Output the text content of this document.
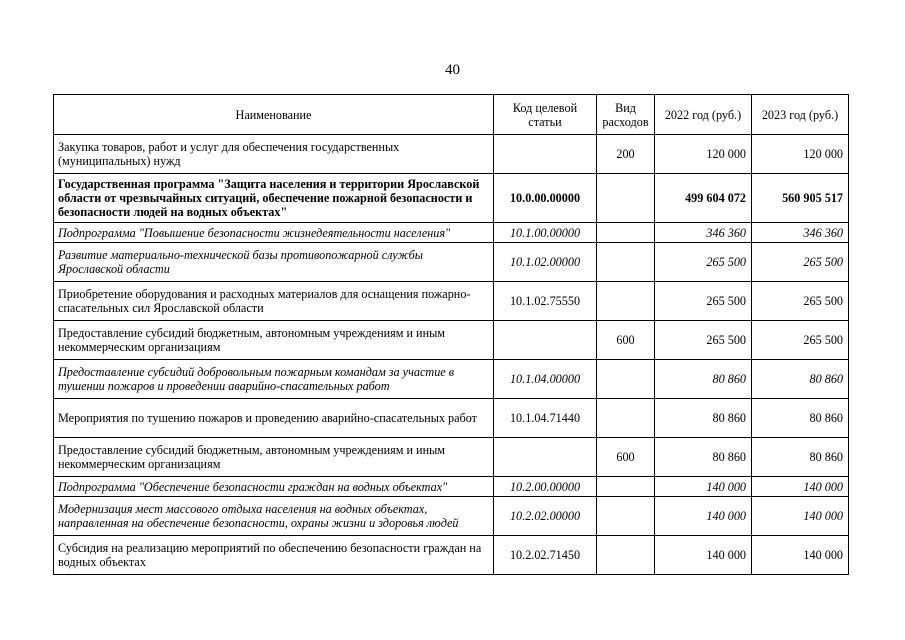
40
Наименование	Код целевой статьи	Вид расходов	2022 год (руб.)	2023 год (руб.)
Закупка товаров, работ и услуг для обеспечения государственных (муниципальных) нужд		200	120 000	120 000
Государственная программа "Защита населения и территории Ярославской области от чрезвычайных ситуаций, обеспечение пожарной безопасности и безопасности людей на водных объектах"	10.0.00.00000		499 604 072	560 905 517
Подпрограмма "Повышение безопасности жизнедеятельности населения"	10.1.00.00000		346 360	346 360
Развитие материально-технической базы противопожарной службы Ярославской области	10.1.02.00000		265 500	265 500
Приобретение оборудования и расходных материалов для оснащения пожарно-спасательных сил Ярославской области	10.1.02.75550		265 500	265 500
Предоставление субсидий бюджетным, автономным учреждениям и иным некоммерческим организациям		600	265 500	265 500
Предоставление субсидий добровольным пожарным командам за участие в тушении пожаров и проведении аварийно-спасательных работ	10.1.04.00000		80 860	80 860
Мероприятия по тушению пожаров и проведению аварийно-спасательных работ	10.1.04.71440		80 860	80 860
Предоставление субсидий бюджетным, автономным учреждениям и иным некоммерческим организациям		600	80 860	80 860
Подпрограмма "Обеспечение безопасности граждан на водных объектах"	10.2.00.00000		140 000	140 000
Модернизация мест массового отдыха населения на водных объектах, направленная на обеспечение безопасности, охраны жизни и здоровья людей	10.2.02.00000		140 000	140 000
Субсидия на реализацию мероприятий по обеспечению безопасности граждан на водных объектах	10.2.02.71450		140 000	140 000
